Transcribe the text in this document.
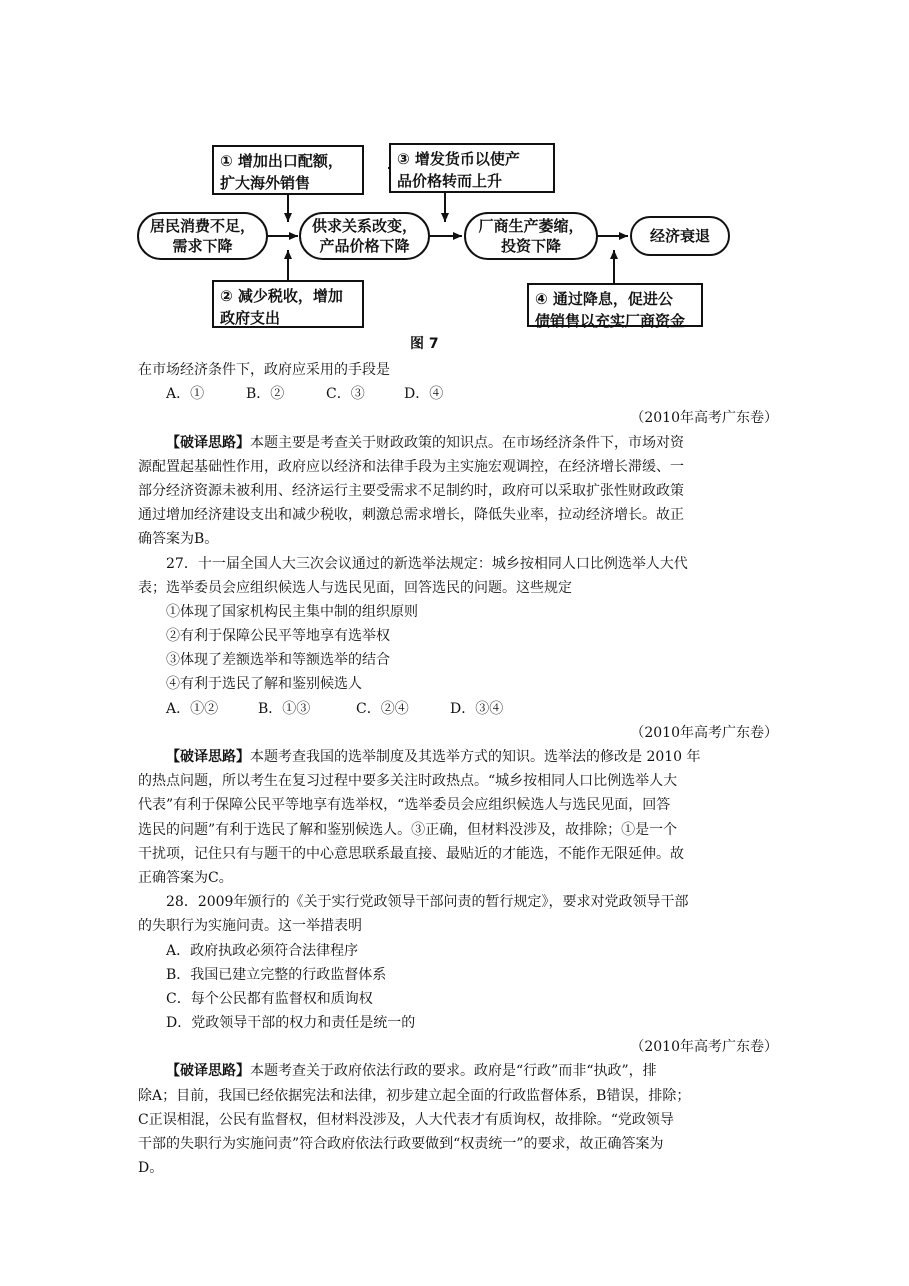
① 增加出口配额，
扩大海外销售
③ 增发货币以使产
品价格转而上升
② 减少税收，增加
政府支出
④ 通过降息，促进公
债销售以充实厂商资金
居民消费不足，
需求下降
供求关系改变，
产品价格下降
厂商生产萎缩，
投资下降
经济衰退
图 7
在市场经济条件下，政府应采用的手段是
A．①	B．②	C．③	D．④
（2010年高考广东卷）
【破译思路】本题主要是考查关于财政政策的知识点。在市场经济条件下，市场对资
源配置起基础性作用，政府应以经济和法律手段为主实施宏观调控，在经济增长滞缓、一
部分经济资源未被利用、经济运行主要受需求不足制约时，政府可以采取扩张性财政政策
通过增加经济建设支出和减少税收，刺激总需求增长，降低失业率，拉动经济增长。故正
确答案为B。
27．十一届全国人大三次会议通过的新选举法规定：城乡按相同人口比例选举人大代
表；选举委员会应组织候选人与选民见面，回答选民的问题。这些规定
①体现了国家机构民主集中制的组织原则
②有利于保障公民平等地享有选举权
③体现了差额选举和等额选举的结合
④有利于选民了解和鉴别候选人
A．①②	B．①③	C．②④	D．③④
（2010年高考广东卷）
【破译思路】本题考查我国的选举制度及其选举方式的知识。选举法的修改是 2010 年
的热点问题，所以考生在复习过程中要多关注时政热点。“城乡按相同人口比例选举人大
代表”有利于保障公民平等地享有选举权，“选举委员会应组织候选人与选民见面，回答
选民的问题”有利于选民了解和鉴别候选人。③正确，但材料没涉及，故排除；①是一个
干扰项，记住只有与题干的中心意思联系最直接、最贴近的才能选，不能作无限延伸。故
正确答案为C。
28．2009年颁行的《关于实行党政领导干部问责的暂行规定》，要求对党政领导干部
的失职行为实施问责。这一举措表明
A．政府执政必须符合法律程序
B．我国已建立完整的行政监督体系
C．每个公民都有监督权和质询权
D．党政领导干部的权力和责任是统一的
（2010年高考广东卷）
【破译思路】本题考查关于政府依法行政的要求。政府是“行政”而非“执政”，排
除A；目前，我国已经依据宪法和法律，初步建立起全面的行政监督体系，B错误，排除；
C正误相混，公民有监督权，但材料没涉及，人大代表才有质询权，故排除。“党政领导
干部的失职行为实施问责”符合政府依法行政要做到“权责统一”的要求，故正确答案为
D。
